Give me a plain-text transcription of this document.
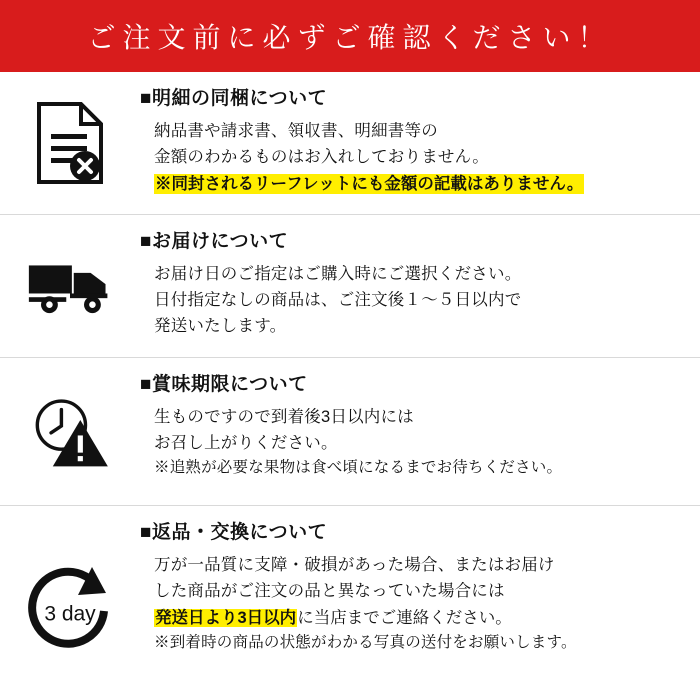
ご注文前に必ずご確認ください！

■明細の同梱について

納品書や請求書、領収書、明細書等の

金額のわかるものはお入れしておりません。

※同封されるリーフレットにも金額の記載はありません。

■お届けについて

お届け日のご指定はご購入時にご選択ください。

日付指定なしの商品は、ご注文後１～５日以内で

発送いたします。

■賞味期限について

生ものですので到着後3日以内には

お召し上がりください。

※追熟が必要な果物は食べ頃になるまでお待ちください。

3 day

■返品・交換について

万が一品質に支障・破損があった場合、またはお届け

した商品がご注文の品と異なっていた場合には

発送日より3日以内に当店までご連絡ください。

※到着時の商品の状態がわかる写真の送付をお願いします。
